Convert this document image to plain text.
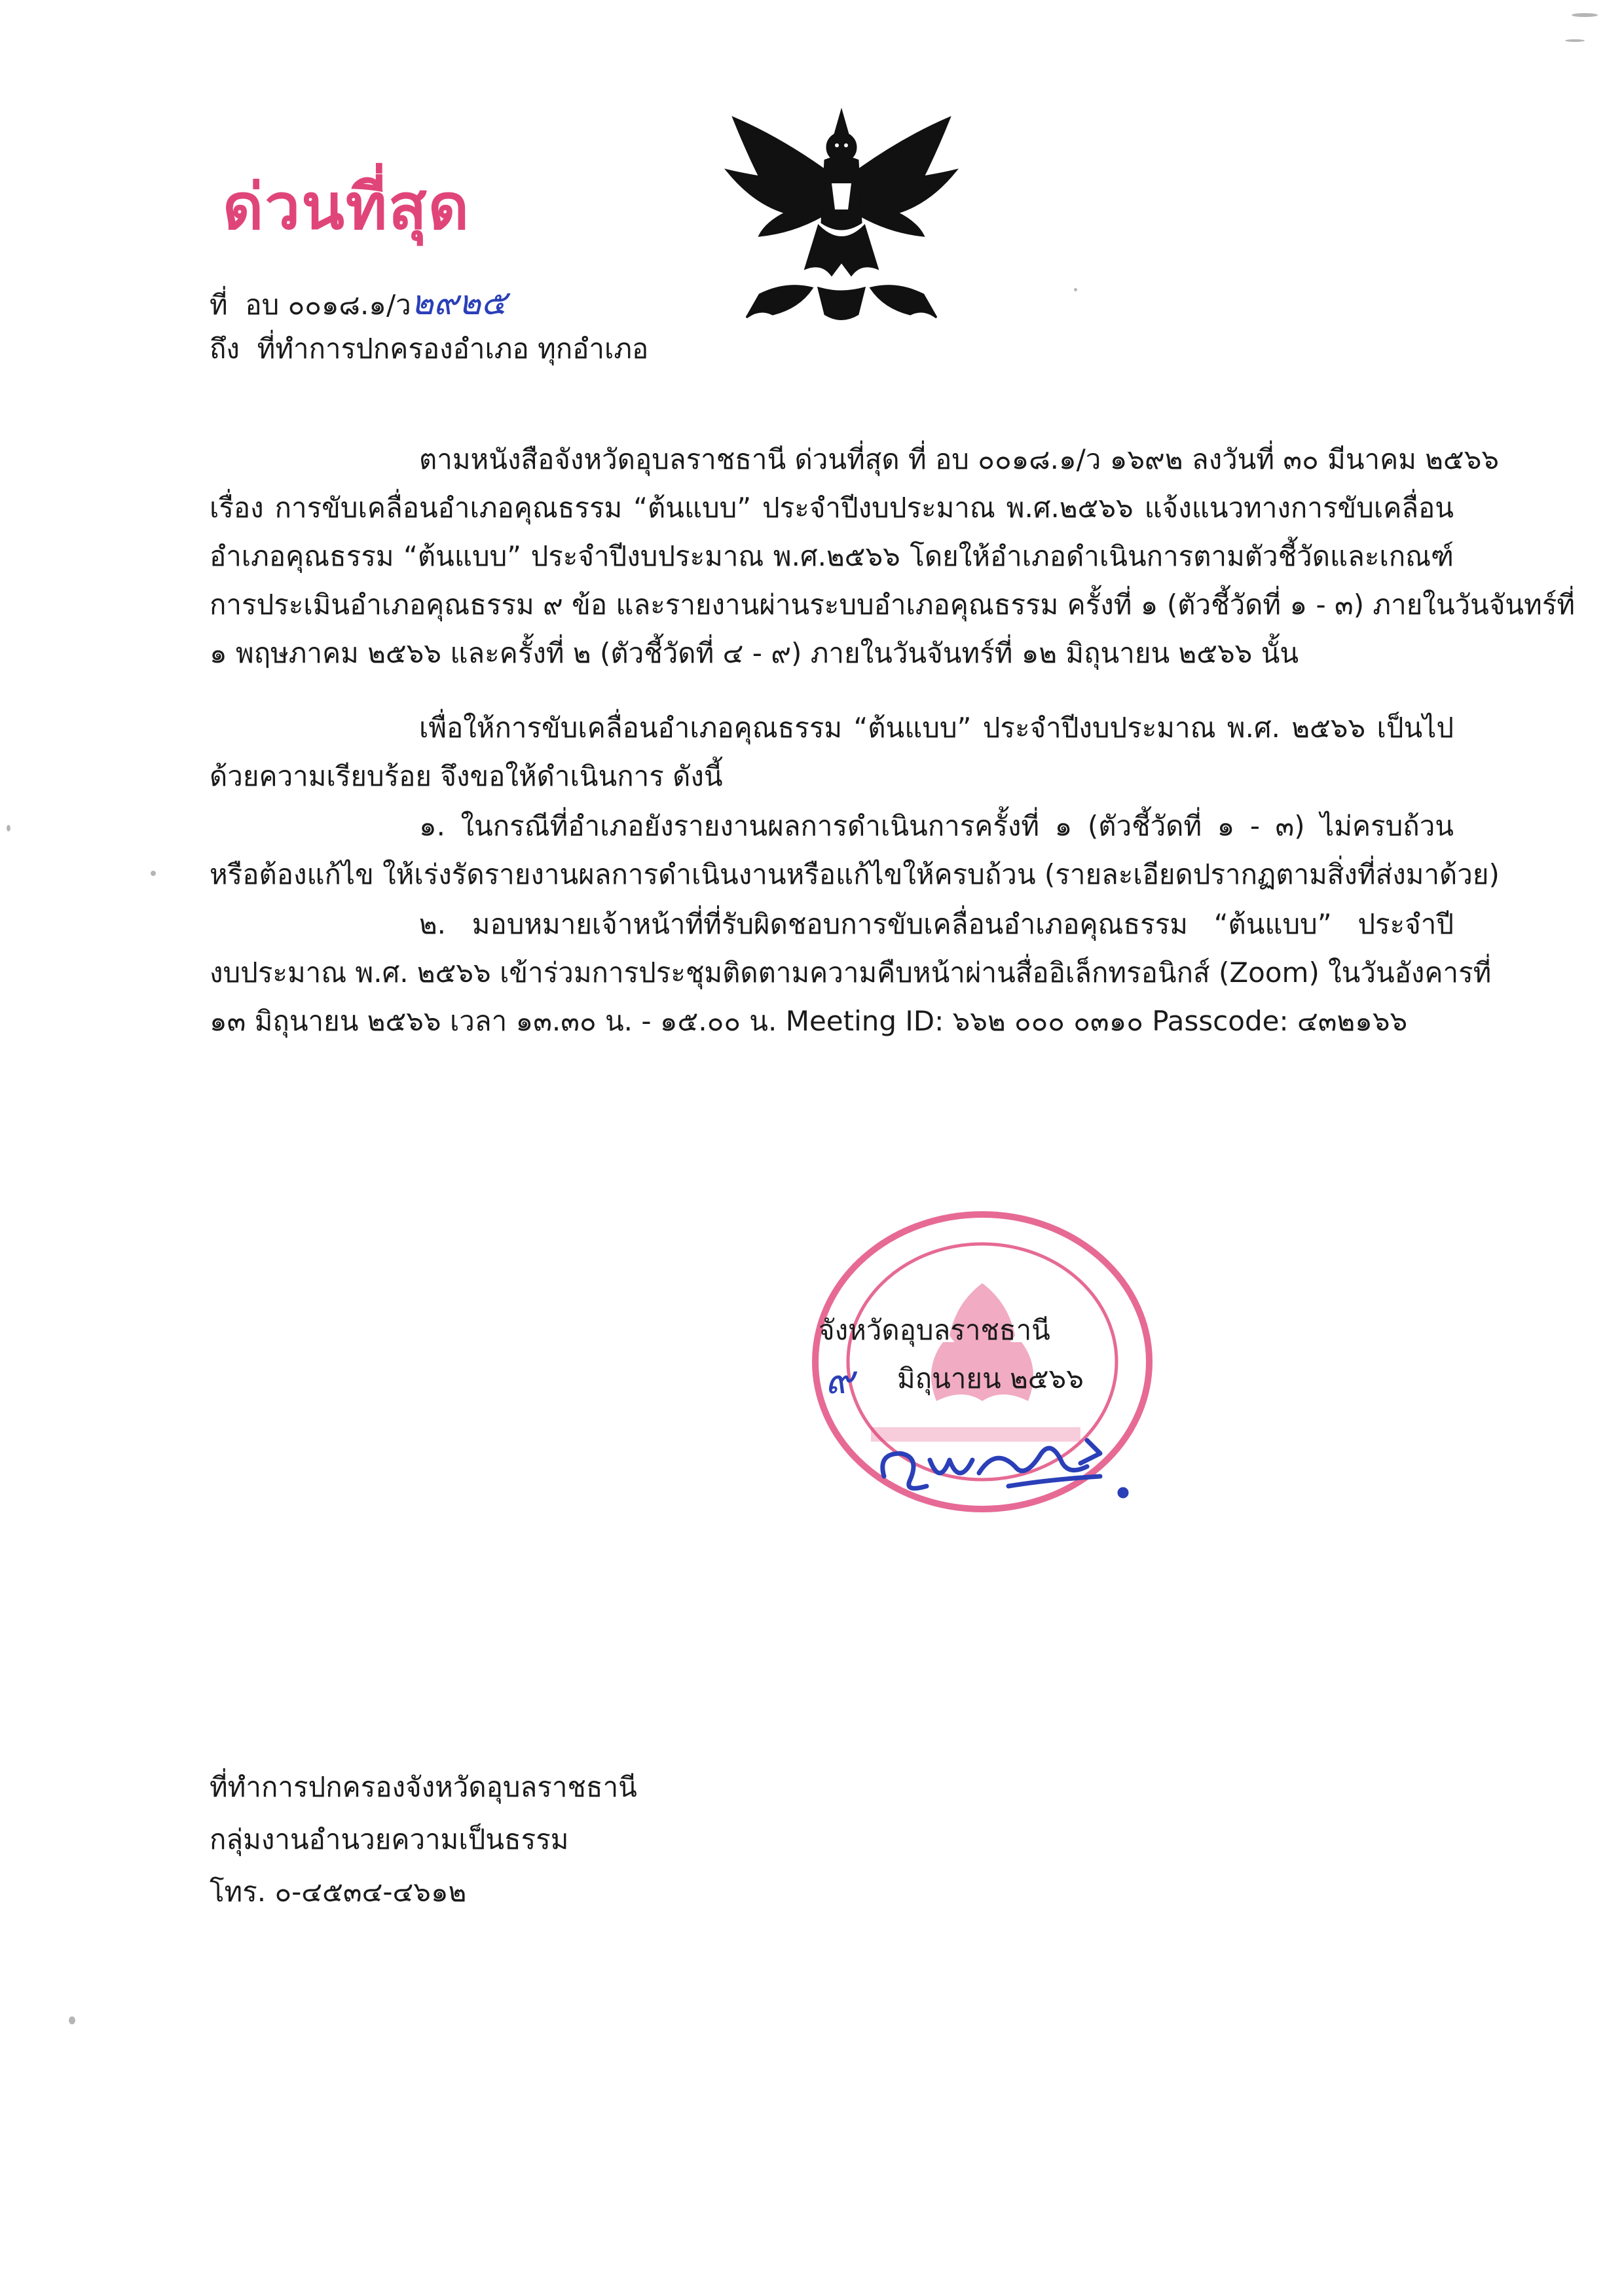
ด่วนที่สุด
ที่ อบ ๐๐๑๘.๑/ว๒๙๒๕
ถึง ที่ทำการปกครองอำเภอ ทุกอำเภอ
ตามหนังสือจังหวัดอุบลราชธานี ด่วนที่สุด ที่ อบ ๐๐๑๘.๑/ว ๑๖๙๒ ลงวันที่ ๓๐ มีนาคม ๒๕๖๖
เรื่อง การขับเคลื่อนอำเภอคุณธรรม “ต้นแบบ” ประจำปีงบประมาณ พ.ศ.๒๕๖๖ แจ้งแนวทางการขับเคลื่อน
อำเภอคุณธรรม “ต้นแบบ” ประจำปีงบประมาณ พ.ศ.๒๕๖๖ โดยให้อำเภอดำเนินการตามตัวชี้วัดและเกณฑ์
การประเมินอำเภอคุณธรรม ๙ ข้อ และรายงานผ่านระบบอำเภอคุณธรรม ครั้งที่ ๑ (ตัวชี้วัดที่ ๑ - ๓) ภายในวันจันทร์ที่
๑ พฤษภาคม ๒๕๖๖ และครั้งที่ ๒ (ตัวชี้วัดที่ ๔ - ๙) ภายในวันจันทร์ที่ ๑๒ มิถุนายน ๒๕๖๖ นั้น
เพื่อให้การขับเคลื่อนอำเภอคุณธรรม “ต้นแบบ” ประจำปีงบประมาณ พ.ศ. ๒๕๖๖ เป็นไป
ด้วยความเรียบร้อย จึงขอให้ดำเนินการ ดังนี้
๑. ในกรณีที่อำเภอยังรายงานผลการดำเนินการครั้งที่ ๑ (ตัวชี้วัดที่ ๑ - ๓) ไม่ครบถ้วน
หรือต้องแก้ไข ให้เร่งรัดรายงานผลการดำเนินงานหรือแก้ไขให้ครบถ้วน (รายละเอียดปรากฏตามสิ่งที่ส่งมาด้วย)
๒. มอบหมายเจ้าหน้าที่ที่รับผิดชอบการขับเคลื่อนอำเภอคุณธรรม “ต้นแบบ” ประจำปี
งบประมาณ พ.ศ. ๒๕๖๖ เข้าร่วมการประชุมติดตามความคืบหน้าผ่านสื่ออิเล็กทรอนิกส์ (Zoom) ในวันอังคารที่
๑๓ มิถุนายน ๒๕๖๖ เวลา ๑๓.๓๐ น. - ๑๕.๐๐ น. Meeting ID: ๖๖๒ ๐๐๐ ๐๓๑๐ Passcode: ๔๓๒๑๖๖
จังหวัดอุบลราชธานี
มิถุนายน ๒๕๖๖
๙
ที่ทำการปกครองจังหวัดอุบลราชธานี
กลุ่มงานอำนวยความเป็นธรรม
โทร. ๐-๔๕๓๔-๔๖๑๒
